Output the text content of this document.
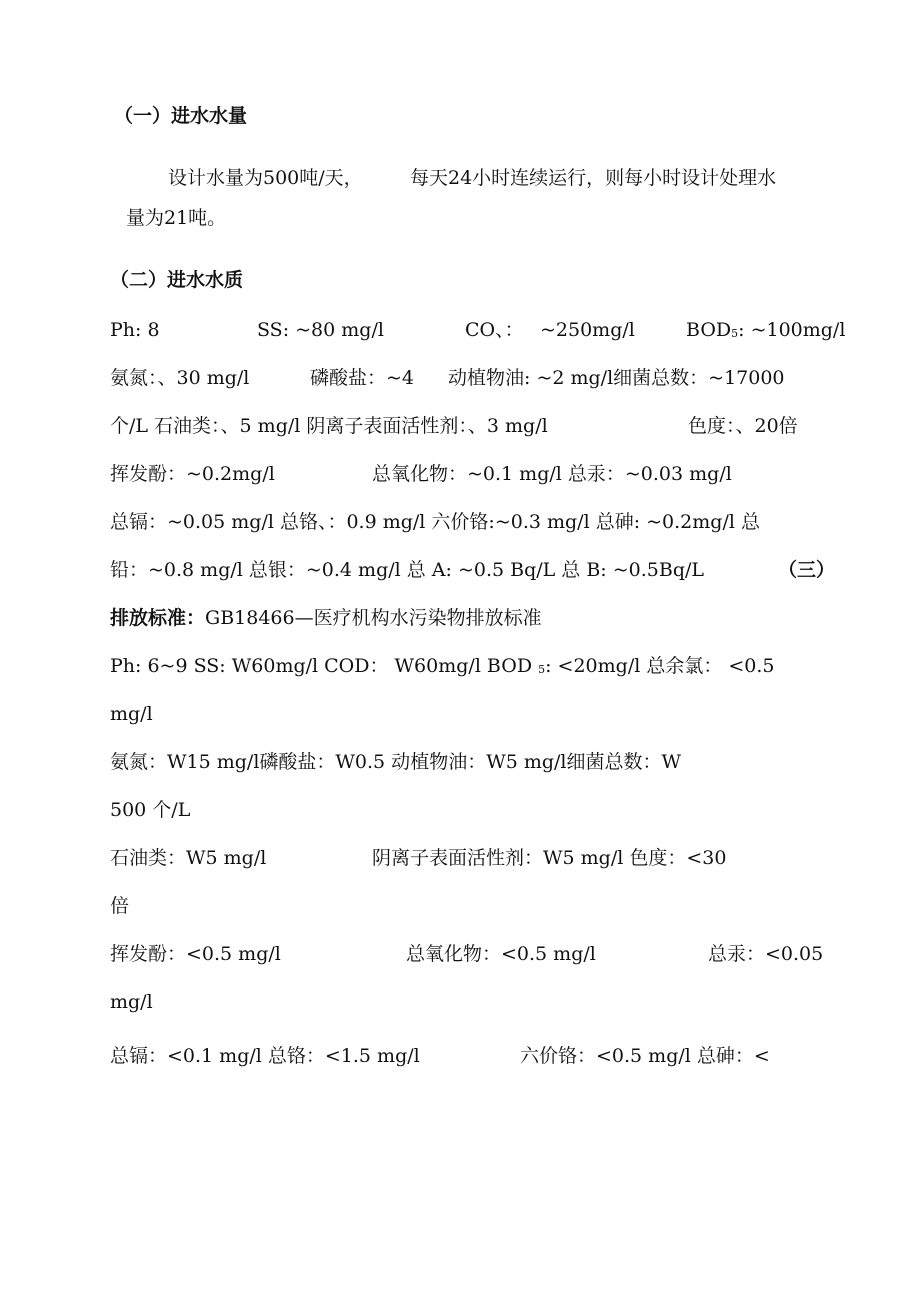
（一）进水水量
设计水量为500吨/天， 每天24小时连续运行，则每小时设计处理水
量为21吨。
（二）进水水质
Ph: 8	SS: ~80 mg/l	CO、： ~250mg/l	$BOD_5$: ~100mg/l
氨氮：、30 mg/l	磷酸盐：~4 动植物油: ~2 mg/l细菌总数：~17000
个/L 石油类：、5 mg/l 阴离子表面活性剂：、3 mg/l	色度：、20倍
挥发酚：~0.2mg/l	总氧化物：~0.1 mg/l 总汞：~0.03 mg/l
总镉：~0.05 mg/l 总铬、：0.9 mg/l 六价铬:~0.3 mg/l 总砷: ~0.2mg/l 总
铅：~0.8 mg/l 总银：~0.4 mg/l 总 A: ~0.5 Bq/L 总 B: ~0.5Bq/L	（三）
排放标准：GB18466—医疗机构水污染物排放标准
Ph: 6~9 SS: W60mg/l COD： W60mg/l BOD $_5$: <20mg/l 总余氯： <0.5
mg/l
氨氮：W15 mg/l磷酸盐：W0.5 动植物油：W5 mg/l细菌总数：W
500 个/L
石油类：W5 mg/l	阴离子表面活性剂：W5 mg/l 色度：<30
倍
挥发酚：<0.5 mg/l	总氧化物：<0.5 mg/l	总汞：<0.05
mg/l
总镉：<0.1 mg/l 总铬：<1.5 mg/l	六价铬：<0.5 mg/l 总砷：<
